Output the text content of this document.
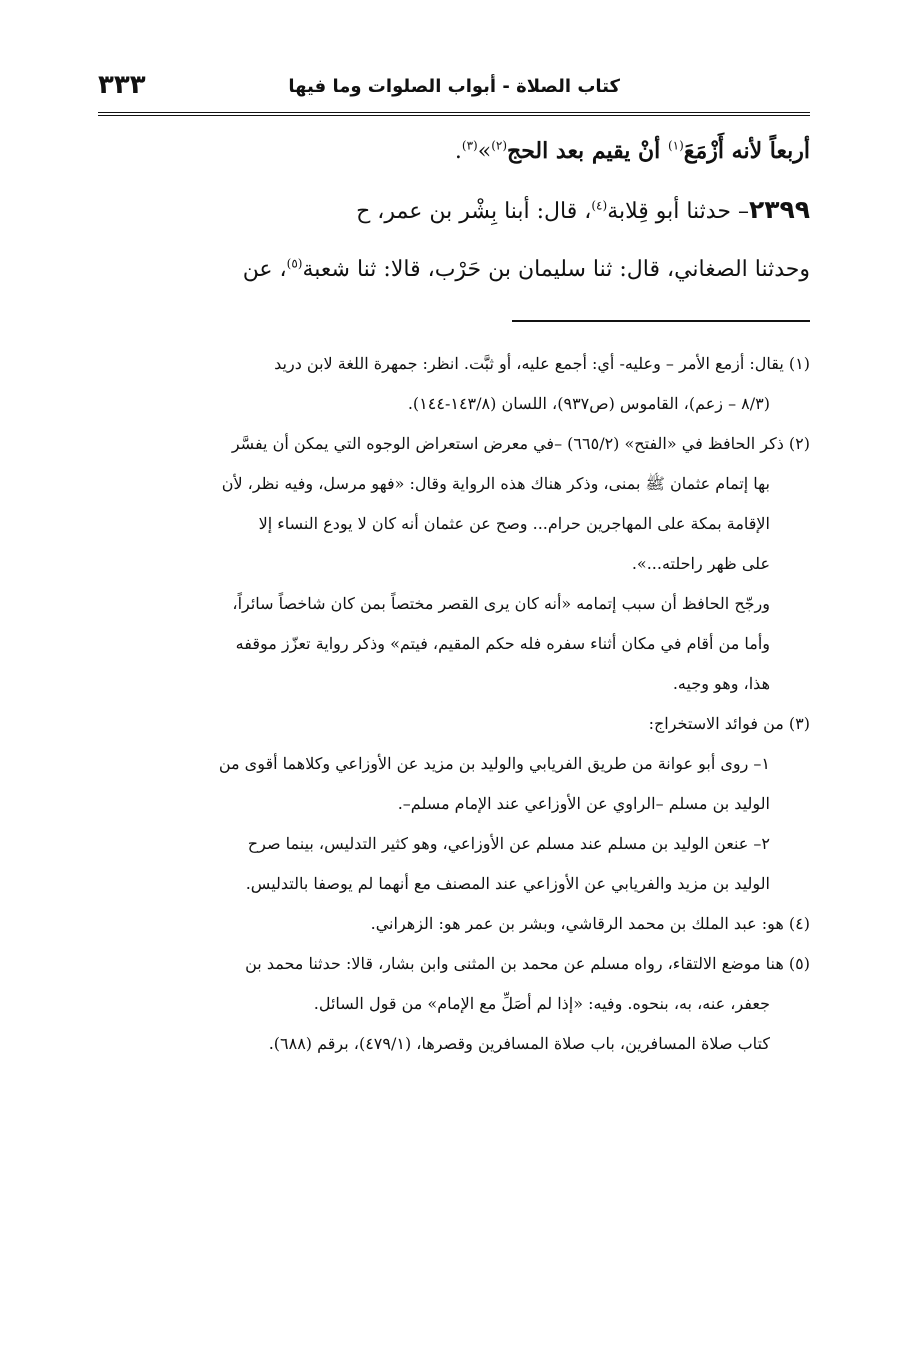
كتاب الصلاة - أبواب الصلوات وما فيها
٣٣٣

أربعاً لأنه أَزْمَعَ$^{(١)}$ أنْ يقيم بعد الحج$^{(٢)}$»$^{(٣)}$.

٢٣٩٩– حدثنا أبو قِلابة$^{(٤)}$، قال: أبنا بِشْر بن عمر، ح

وحدثنا الصغاني، قال: ثنا سليمان بن حَرْب، قالا: ثنا شعبة$^{(٥)}$، عن

(١) يقال: أزمع الأمر – وعليه- أي: أجمع عليه، أو ثبَّت. انظر: جمهرة اللغة لابن دريد

(٨/٣ – زعم)، القاموس (ص٩٣٧)، اللسان (١٤٣/٨-١٤٤).

(٢) ذكر الحافظ في «الفتح» (٦٦٥/٢) –في معرض استعراض الوجوه التي يمكن أن يفسَّر

بها إتمام عثمان ﷺ بمنى، وذكر هناك هذه الرواية وقال: «فهو مرسل، وفيه نظر، لأن

الإقامة بمكة على المهاجرين حرام... وصح عن عثمان أنه كان لا يودع النساء إلا

على ظهر راحلته...».

ورجّح الحافظ أن سبب إتمامه «أنه كان يرى القصر مختصاً بمن كان شاخصاً سائراً،

وأما من أقام في مكان أثناء سفره فله حكم المقيم، فيتم» وذكر رواية تعزّز موقفه

هذا، وهو وجيه.

(٣) من فوائد الاستخراج:

١– روى أبو عوانة من طريق الفريابي والوليد بن مزيد عن الأوزاعي وكلاهما أقوى من

الوليد بن مسلم –الراوي عن الأوزاعي عند الإمام مسلم–.

٢– عنعن الوليد بن مسلم عند مسلم عن الأوزاعي، وهو كثير التدليس، بينما صرح

الوليد بن مزيد والفريابي عن الأوزاعي عند المصنف مع أنهما لم يوصفا بالتدليس.

(٤) هو: عبد الملك بن محمد الرقاشي، وبشر بن عمر هو: الزهراني.

(٥) هنا موضع الالتقاء، رواه مسلم عن محمد بن المثنى وابن بشار، قالا: حدثنا محمد بن

جعفر، عنه، به، بنحوه. وفيه: «إذا لم أصَلِّ مع الإمام» من قول السائل.

كتاب صلاة المسافرين، باب صلاة المسافرين وقصرها، (٤٧٩/١)، برقم (٦٨٨).
